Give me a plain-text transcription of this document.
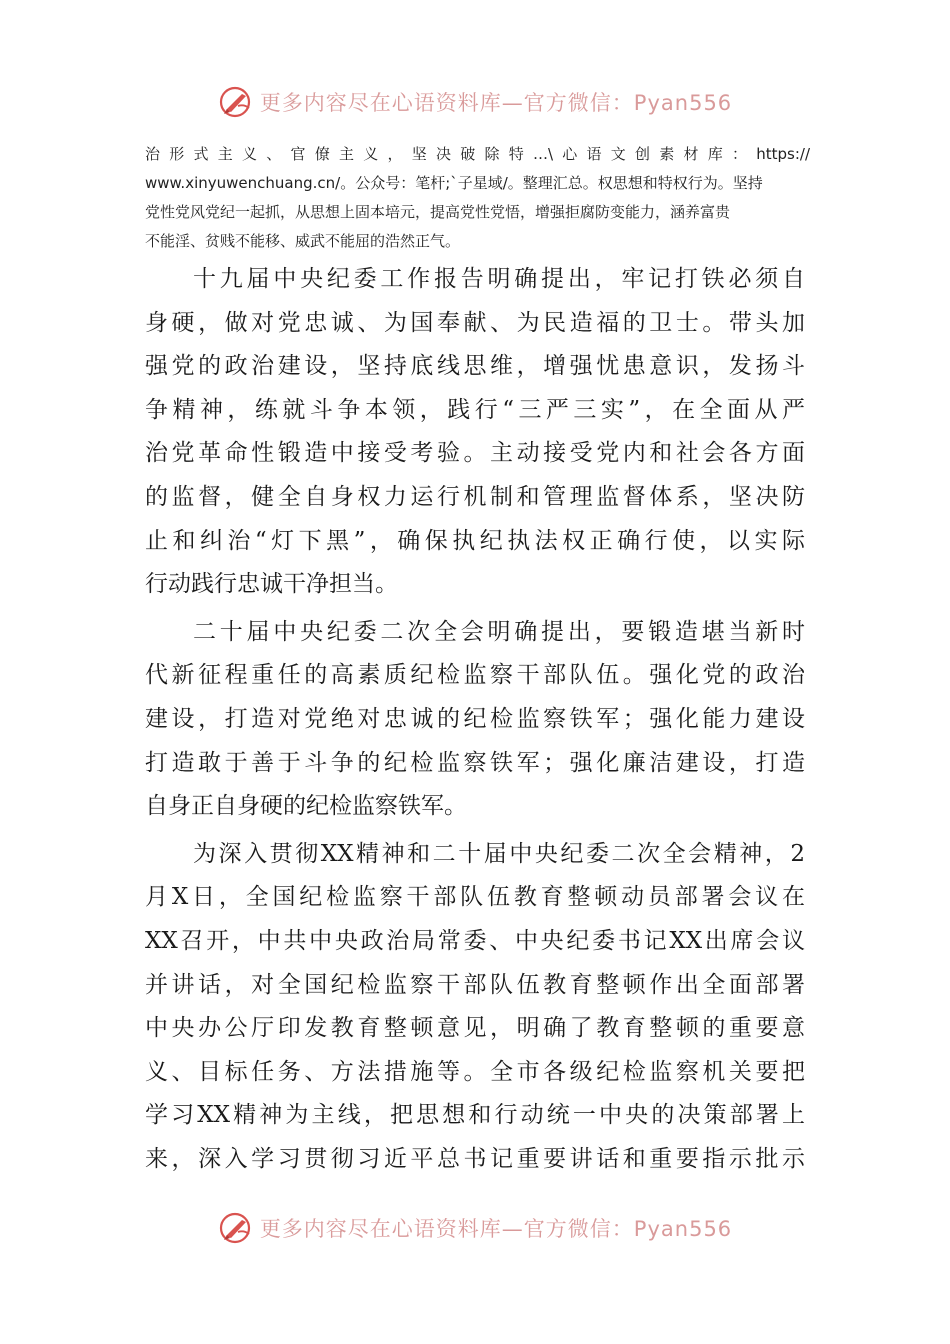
更多内容尽在心语资料库—官方微信：Pyan556
治形式主义、官僚主义，坚决破除特…\心语文创素材库：https://
www.xinyuwenchuang.cn/。公众号：笔杆;`子星域/。整理汇总。权思想和特权行为。坚持
党性党风党纪一起抓，从思想上固本培元，提高党性党悟，增强拒腐防变能力，涵养富贵
不能淫、贫贱不能移、威武不能屈的浩然正气。
十九届中央纪委工作报告明确提出，牢记打铁必须自
身硬，做对党忠诚、为国奉献、为民造福的卫士。带头加
强党的政治建设，坚持底线思维，增强忧患意识，发扬斗
争精神，练就斗争本领，践行“三严三实”，在全面从严
治党革命性锻造中接受考验。主动接受党内和社会各方面
的监督，健全自身权力运行机制和管理监督体系，坚决防
止和纠治“灯下黑”，确保执纪执法权正确行使，以实际
行动践行忠诚干净担当。
二十届中央纪委二次全会明确提出，要锻造堪当新时
代新征程重任的高素质纪检监察干部队伍。强化党的政治
建设，打造对党绝对忠诚的纪检监察铁军；强化能力建设
打造敢于善于斗争的纪检监察铁军；强化廉洁建设，打造
自身正自身硬的纪检监察铁军。
为深入贯彻XX精神和二十届中央纪委二次全会精神，2
月X日，全国纪检监察干部队伍教育整顿动员部署会议在
XX召开，中共中央政治局常委、中央纪委书记XX出席会议
并讲话，对全国纪检监察干部队伍教育整顿作出全面部署
中央办公厅印发教育整顿意见，明确了教育整顿的重要意
义、目标任务、方法措施等。全市各级纪检监察机关要把
学习XX精神为主线，把思想和行动统一中央的决策部署上
来，深入学习贯彻习近平总书记重要讲话和重要指示批示
更多内容尽在心语资料库—官方微信：Pyan556
